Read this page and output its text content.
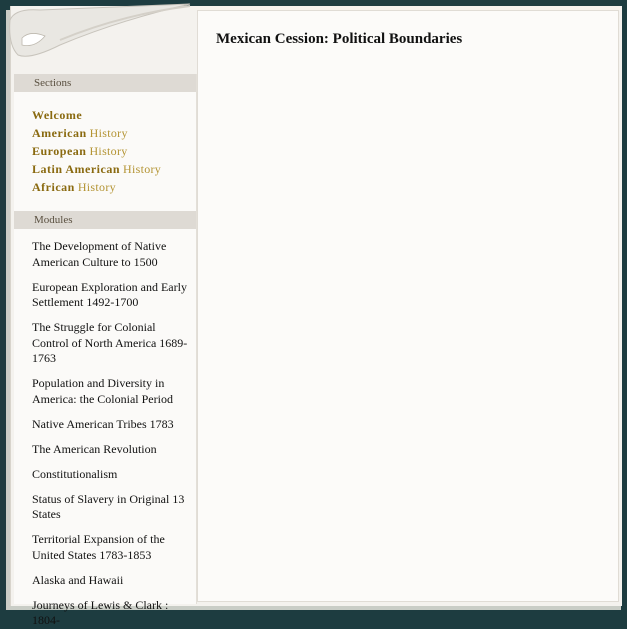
Sections
Welcome
American History
European History
Latin American History
African History
Modules
The Development of Native American Culture to 1500
European Exploration and Early Settlement 1492-1700
The Struggle for Colonial Control of North America 1689-1763
Population and Diversity in America: the Colonial Period
Native American Tribes 1783
The American Revolution
Constitutionalism
Status of Slavery in Original 13 States
Territorial Expansion of the United States 1783-1853
Alaska and Hawaii
Journeys of Lewis & Clark : 1804-
Mexican Cession: Political Boundaries
